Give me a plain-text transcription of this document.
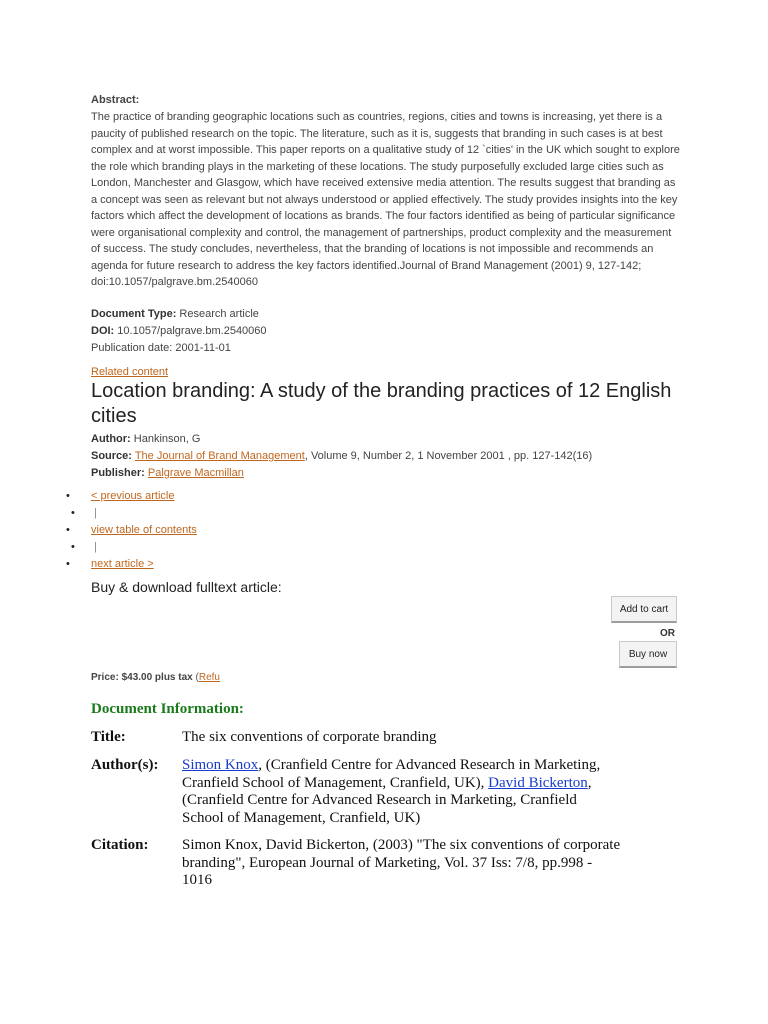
Abstract:
The practice of branding geographic locations such as countries, regions, cities and towns is increasing, yet there is a paucity of published research on the topic. The literature, such as it is, suggests that branding in such cases is at best complex and at worst impossible. This paper reports on a qualitative study of 12 `cities' in the UK which sought to explore the role which branding plays in the marketing of these locations. The study purposefully excluded large cities such as London, Manchester and Glasgow, which have received extensive media attention. The results suggest that branding as a concept was seen as relevant but not always understood or applied effectively. The study provides insights into the key factors which affect the development of locations as brands. The four factors identified as being of particular significance were organisational complexity and control, the management of partnerships, product complexity and the measurement of success. The study concludes, nevertheless, that the branding of locations is not impossible and recommends an agenda for future research to address the key factors identified.Journal of Brand Management (2001) 9, 127-142; doi:10.1057/palgrave.bm.2540060
Document Type: Research article
DOI: 10.1057/palgrave.bm.2540060
Publication date: 2001-11-01
Related content
Location branding: A study of the branding practices of 12 English cities
Author: Hankinson, G
Source: The Journal of Brand Management, Volume 9, Number 2, 1 November 2001 , pp. 127-142(16)
Publisher: Palgrave Macmillan
• < previous article
• |
• view table of contents
• |
• next article >
Buy & download fulltext article:
Add to cart
OR
Buy now
Price: $43.00 plus tax (Refu
Document Information:
Title:	The six conventions of corporate branding
Author(s): Simon Knox, (Cranfield Centre for Advanced Research in Marketing, Cranfield School of Management, Cranfield, UK), David Bickerton, (Cranfield Centre for Advanced Research in Marketing, Cranfield School of Management, Cranfield, UK)
Citation: Simon Knox, David Bickerton, (2003) "The six conventions of corporate branding", European Journal of Marketing, Vol. 37 Iss: 7/8, pp.998 - 1016
